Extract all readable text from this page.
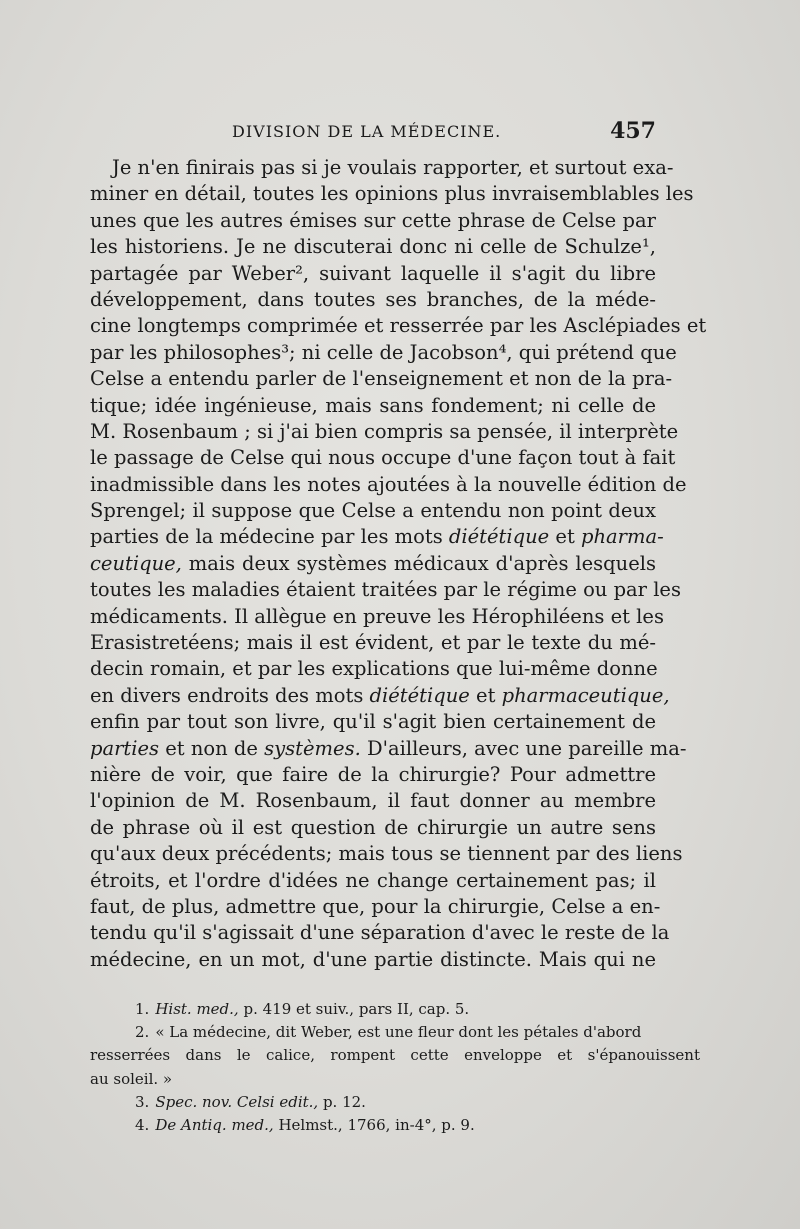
DIVISION DE LA MÉDECINE.	457
Je n'en finirais pas si je voulais rapporter, et surtout exa-
miner en détail, toutes les opinions plus invraisemblables les
unes que les autres émises sur cette phrase de Celse par
les historiens. Je ne discuterai donc ni celle de Schulze¹,
partagée par Weber², suivant laquelle il s'agit du libre
développement, dans toutes ses branches, de la méde-
cine longtemps comprimée et resserrée par les Asclépiades et
par les philosophes³; ni celle de Jacobson⁴, qui prétend que
Celse a entendu parler de l'enseignement et non de la pra-
tique; idée ingénieuse, mais sans fondement; ni celle de
M. Rosenbaum ; si j'ai bien compris sa pensée, il interprète
le passage de Celse qui nous occupe d'une façon tout à fait
inadmissible dans les notes ajoutées à la nouvelle édition de
Sprengel; il suppose que Celse a entendu non point deux
parties de la médecine par les mots diététique et pharma-
ceutique, mais deux systèmes médicaux d'après lesquels
toutes les maladies étaient traitées par le régime ou par les
médicaments. Il allègue en preuve les Hérophiléens et les
Erasistretéens; mais il est évident, et par le texte du mé-
decin romain, et par les explications que lui-même donne
en divers endroits des mots diététique et pharmaceutique,
enfin par tout son livre, qu'il s'agit bien certainement de
parties et non de systèmes. D'ailleurs, avec une pareille ma-
nière de voir, que faire de la chirurgie? Pour admettre
l'opinion de M. Rosenbaum, il faut donner au membre
de phrase où il est question de chirurgie un autre sens
qu'aux deux précédents; mais tous se tiennent par des liens
étroits, et l'ordre d'idées ne change certainement pas; il
faut, de plus, admettre que, pour la chirurgie, Celse a en-
tendu qu'il s'agissait d'une séparation d'avec le reste de la
médecine, en un mot, d'une partie distincte. Mais qui ne
1. Hist. med., p. 419 et suiv., pars II, cap. 5.
2. « La médecine, dit Weber, est une fleur dont les pétales d'abord
resserrées dans le calice, rompent cette enveloppe et s'épanouissent
au soleil. »
3. Spec. nov. Celsi edit., p. 12.
4. De Antiq. med., Helmst., 1766, in-4°, p. 9.
